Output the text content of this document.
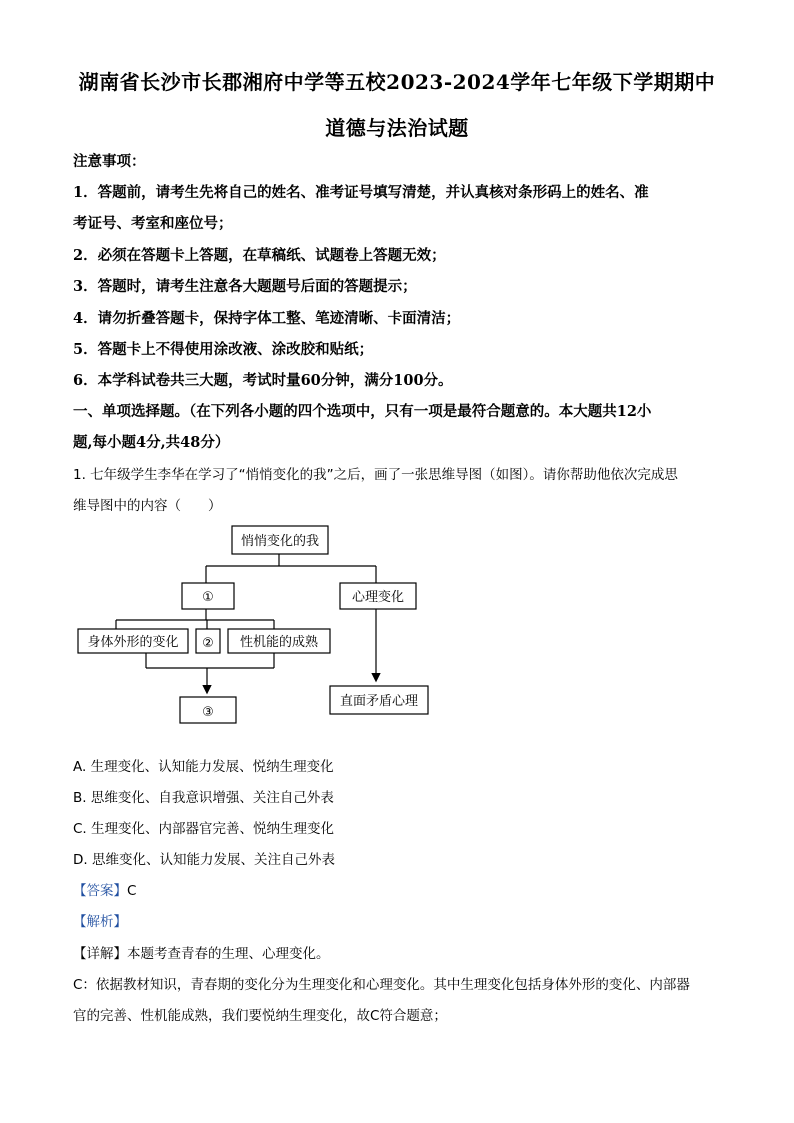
湖南省长沙市长郡湘府中学等五校2023-2024学年七年级下学期期中
道德与法治试题
注意事项：
1．答题前，请考生先将自己的姓名、准考证号填写清楚，并认真核对条形码上的姓名、准
考证号、考室和座位号；
2．必须在答题卡上答题，在草稿纸、试题卷上答题无效；
3．答题时，请考生注意各大题题号后面的答题提示；
4．请勿折叠答题卡，保持字体工整、笔迹清晰、卡面清洁；
5．答题卡上不得使用涂改液、涂改胶和贴纸；
6．本学科试卷共三大题，考试时量60分钟，满分100分。
一、单项选择题。（在下列各小题的四个选项中，只有一项是最符合题意的。本大题共12小
题,每小题4分,共48分）
1. 七年级学生李华在学习了“悄悄变化的我”之后，画了一张思维导图（如图）。请你帮助他依次完成思
维导图中的内容（　　）
悄悄变化的我
①	心理变化
身体外形的变化 ② 性机能的成熟
③
直面矛盾心理
A. 生理变化、认知能力发展、悦纳生理变化
B. 思维变化、自我意识增强、关注自己外表
C. 生理变化、内部器官完善、悦纳生理变化
D. 思维变化、认知能力发展、关注自己外表
【答案】C
【解析】
【详解】本题考查青春的生理、心理变化。
C：依据教材知识，青春期的变化分为生理变化和心理变化。其中生理变化包括身体外形的变化、内部器
官的完善、性机能成熟，我们要悦纳生理变化，故C符合题意；
